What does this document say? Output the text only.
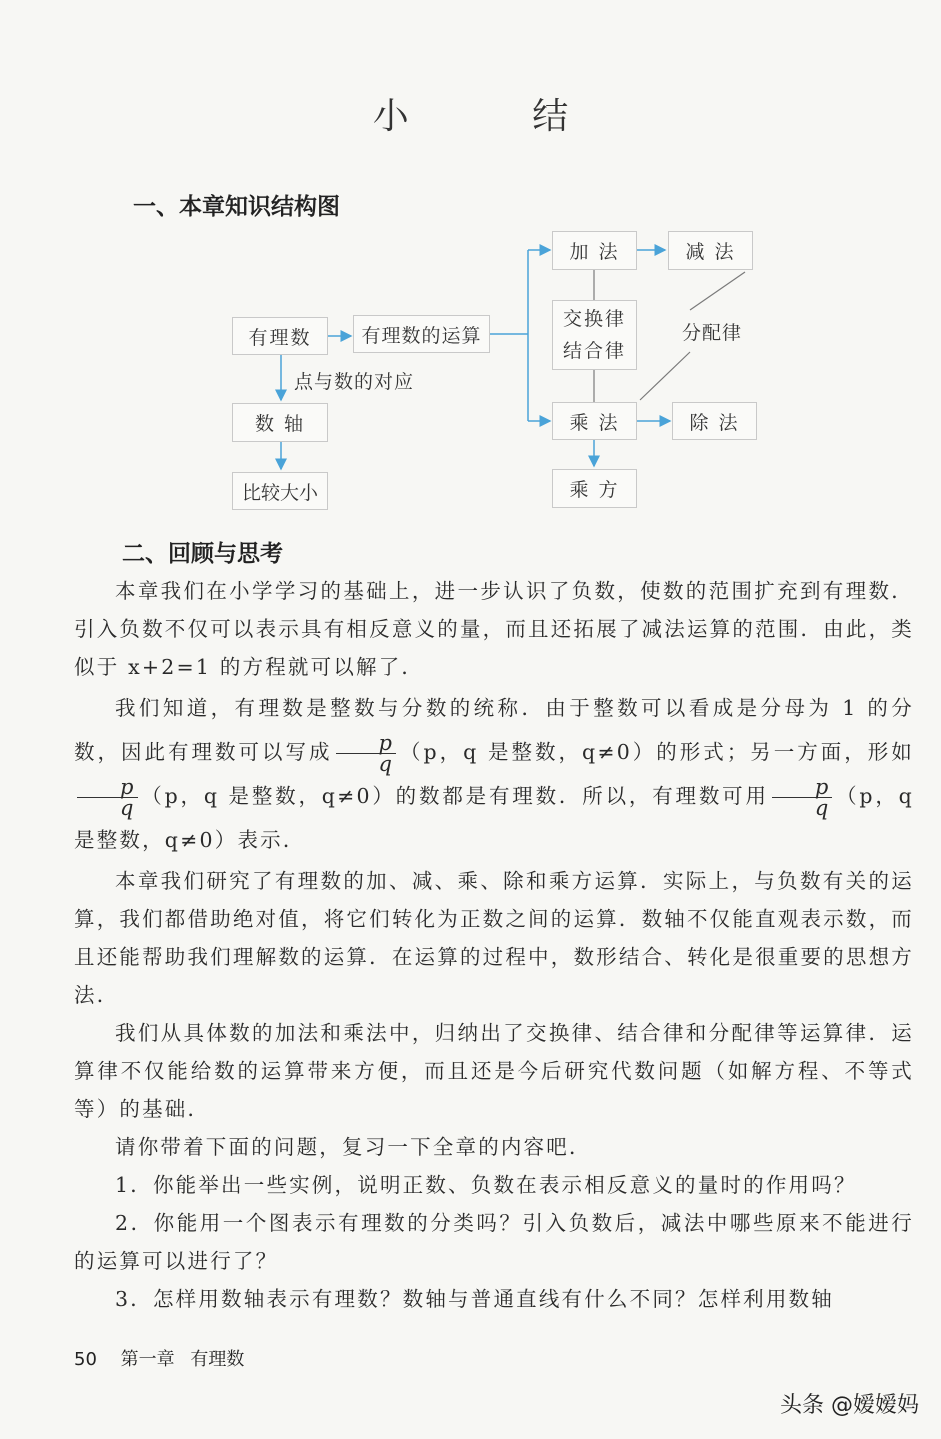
小 结
一、本章知识结构图
有理数	有理数的运算
数 轴
比较大小
加 法	减 法
交换律
结合律
分配律
乘 法	除 法
乘 方
点与数的对应
二、回顾与思考

本章我们在小学学习的基础上，进一步认识了负数，使数的范围扩充到有理数．引入负数不仅可以表示具有相反意义的量，而且还拓展了减法运算的范围．由此，类似于 x+2=1 的方程就可以解了．

我们知道，有理数是整数与分数的统称．由于整数可以看成是分母为 1 的分数，因此有理数可以写成 $\frac{p}{q} (p$，q 是整数，q≠0）的形式；另一方面，形如
$\frac{p}{q} (p$，q 是整数，q≠0）的数都是有理数．所以，有理数可用 $\frac{p}{q} (p$，q 是整数，q≠0）表示．

本章我们研究了有理数的加、减、乘、除和乘方运算．实际上，与负数有关的运算，我们都借助绝对值，将它们转化为正数之间的运算．数轴不仅能直观表示数，而且还能帮助我们理解数的运算．在运算的过程中，数形结合、转化是很重要的思想方法．

我们从具体数的加法和乘法中，归纳出了交换律、结合律和分配律等运算律．运算律不仅能给数的运算带来方便，而且还是今后研究代数问题（如解方程、不等式等）的基础．

请你带着下面的问题，复习一下全章的内容吧．

1．你能举出一些实例，说明正数、负数在表示相反意义的量时的作用吗？

2．你能用一个图表示有理数的分类吗？引入负数后，减法中哪些原来不能进行的运算可以进行了？

3．怎样用数轴表示有理数？数轴与普通直线有什么不同？怎样利用数轴

50 第一章 有理数
头条 @嫒嫒妈
